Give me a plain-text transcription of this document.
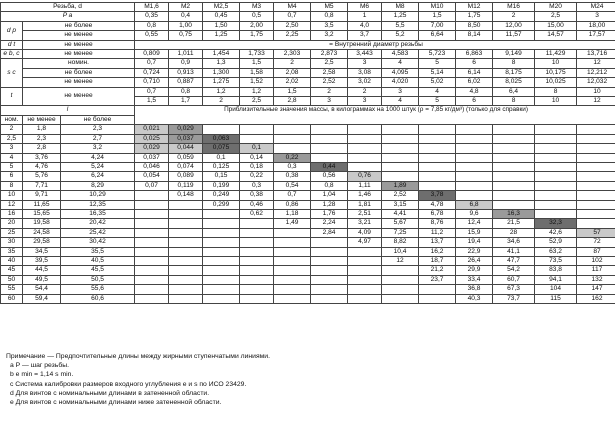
Резьба, d			M1,6	M2	M2,5	M3	M4	M5	M6	M8	M10	M12	M16	M20	M24
P a			0,35	0,4	0,45	0,5	0,7	0,8	1	1,25	1,5	1,75	2	2,5	3
d p	не более		0,8	1,00	1,50	2,00	2,50	3,5	4,0	5,5	7,00	8,50	12,00	15,00	18,00
	не менее		0,55	0,75	1,25	1,75	2,25	3,2	3,7	5,2	6,64	8,14	11,57	14,57	17,57
d t	не менее		= Внутренний диаметр резьбы												
e b, c	не менее		0,809	1,011	1,454	1,733	2,303	2,873	3,443	4,583	5,723	6,863	9,149	11,429	13,716
s c	номин.		0,7	0,9	1,3	1,5	2	2,5	3	4	5	6	8	10	12
	не более		0,724	0,913	1,300	1,58	2,08	2,58	3,08	4,095	5,14	6,14	8,175	10,175	12,212
	не менее		0,710	0,887	1,275	1,52	2,02	2,52	3,02	4,020	5,02	6,02	8,025	10,025	12,032
t	не менее		0,7	0,8	1,2	1,2	1,5	2	2	3	4	4,8	6,4	8	10
			1,5	1,7	2	2,5	2,8	3	3	4	5	6	8	10	12
l			Приблизительные значения массы, в килограммах на 1000 штук (ρ = 7,85 кг/дм³) (только для справки)												
ном.	не менее	не более													

2	1,8	2,3	0,021	0,029											
2,5	2,3	2,7	0,025	0,037	0,063										
3	2,8	3,2	0,029	0,044	0,075	0,1									
4	3,76	4,24	0,037	0,059	0,1	0,14	0,22								
5	4,76	5,24	0,046	0,074	0,125	0,18	0,3	0,44							
6	5,76	6,24	0,054	0,089	0,15	0,22	0,38	0,56	0,76						
8	7,71	8,29	0,07	0,119	0,199	0,3	0,54	0,8	1,11	1,89					
10	9,71	10,29		0,148	0,249	0,38	0,7	1,04	1,46	2,52	3,78				
12	11,65	12,35			0,299	0,46	0,86	1,28	1,81	3,15	4,78	6,8			
16	15,65	16,35				0,62	1,18	1,76	2,51	4,41	6,78	9,6	16,3		
20	19,58	20,42					1,49	2,24	3,21	5,67	8,76	12,4	21,5	32,3	
25	24,58	25,42						2,84	4,09	7,25	11,2	15,9	28	42,6	57
30	29,58	30,42							4,97	8,82	13,7	19,4	34,6	52,9	72
35	34,5	35,5								10,4	16,2	22,9	41,1	63,2	87
40	39,5	40,5								12	18,7	26,4	47,7	73,5	102
45	44,5	45,5									21,2	29,9	54,2	83,8	117
50	49,5	50,5									23,7	33,4	60,7	94,1	132
55	54,4	55,6										36,8	67,3	104	147
60	59,4	60,6										40,3	73,7	115	162
Примечание — Предпочтительные длины между жирными ступенчатыми линиями.
a P — шаг резьбы.
b e min = 1,14 s min.
c Система калибровки размеров входного углубления e и s по ИСО 23429.
d Для винтов с номинальными длинами в затененной области.
e Для винтов с номинальными длинами ниже затененной области.
